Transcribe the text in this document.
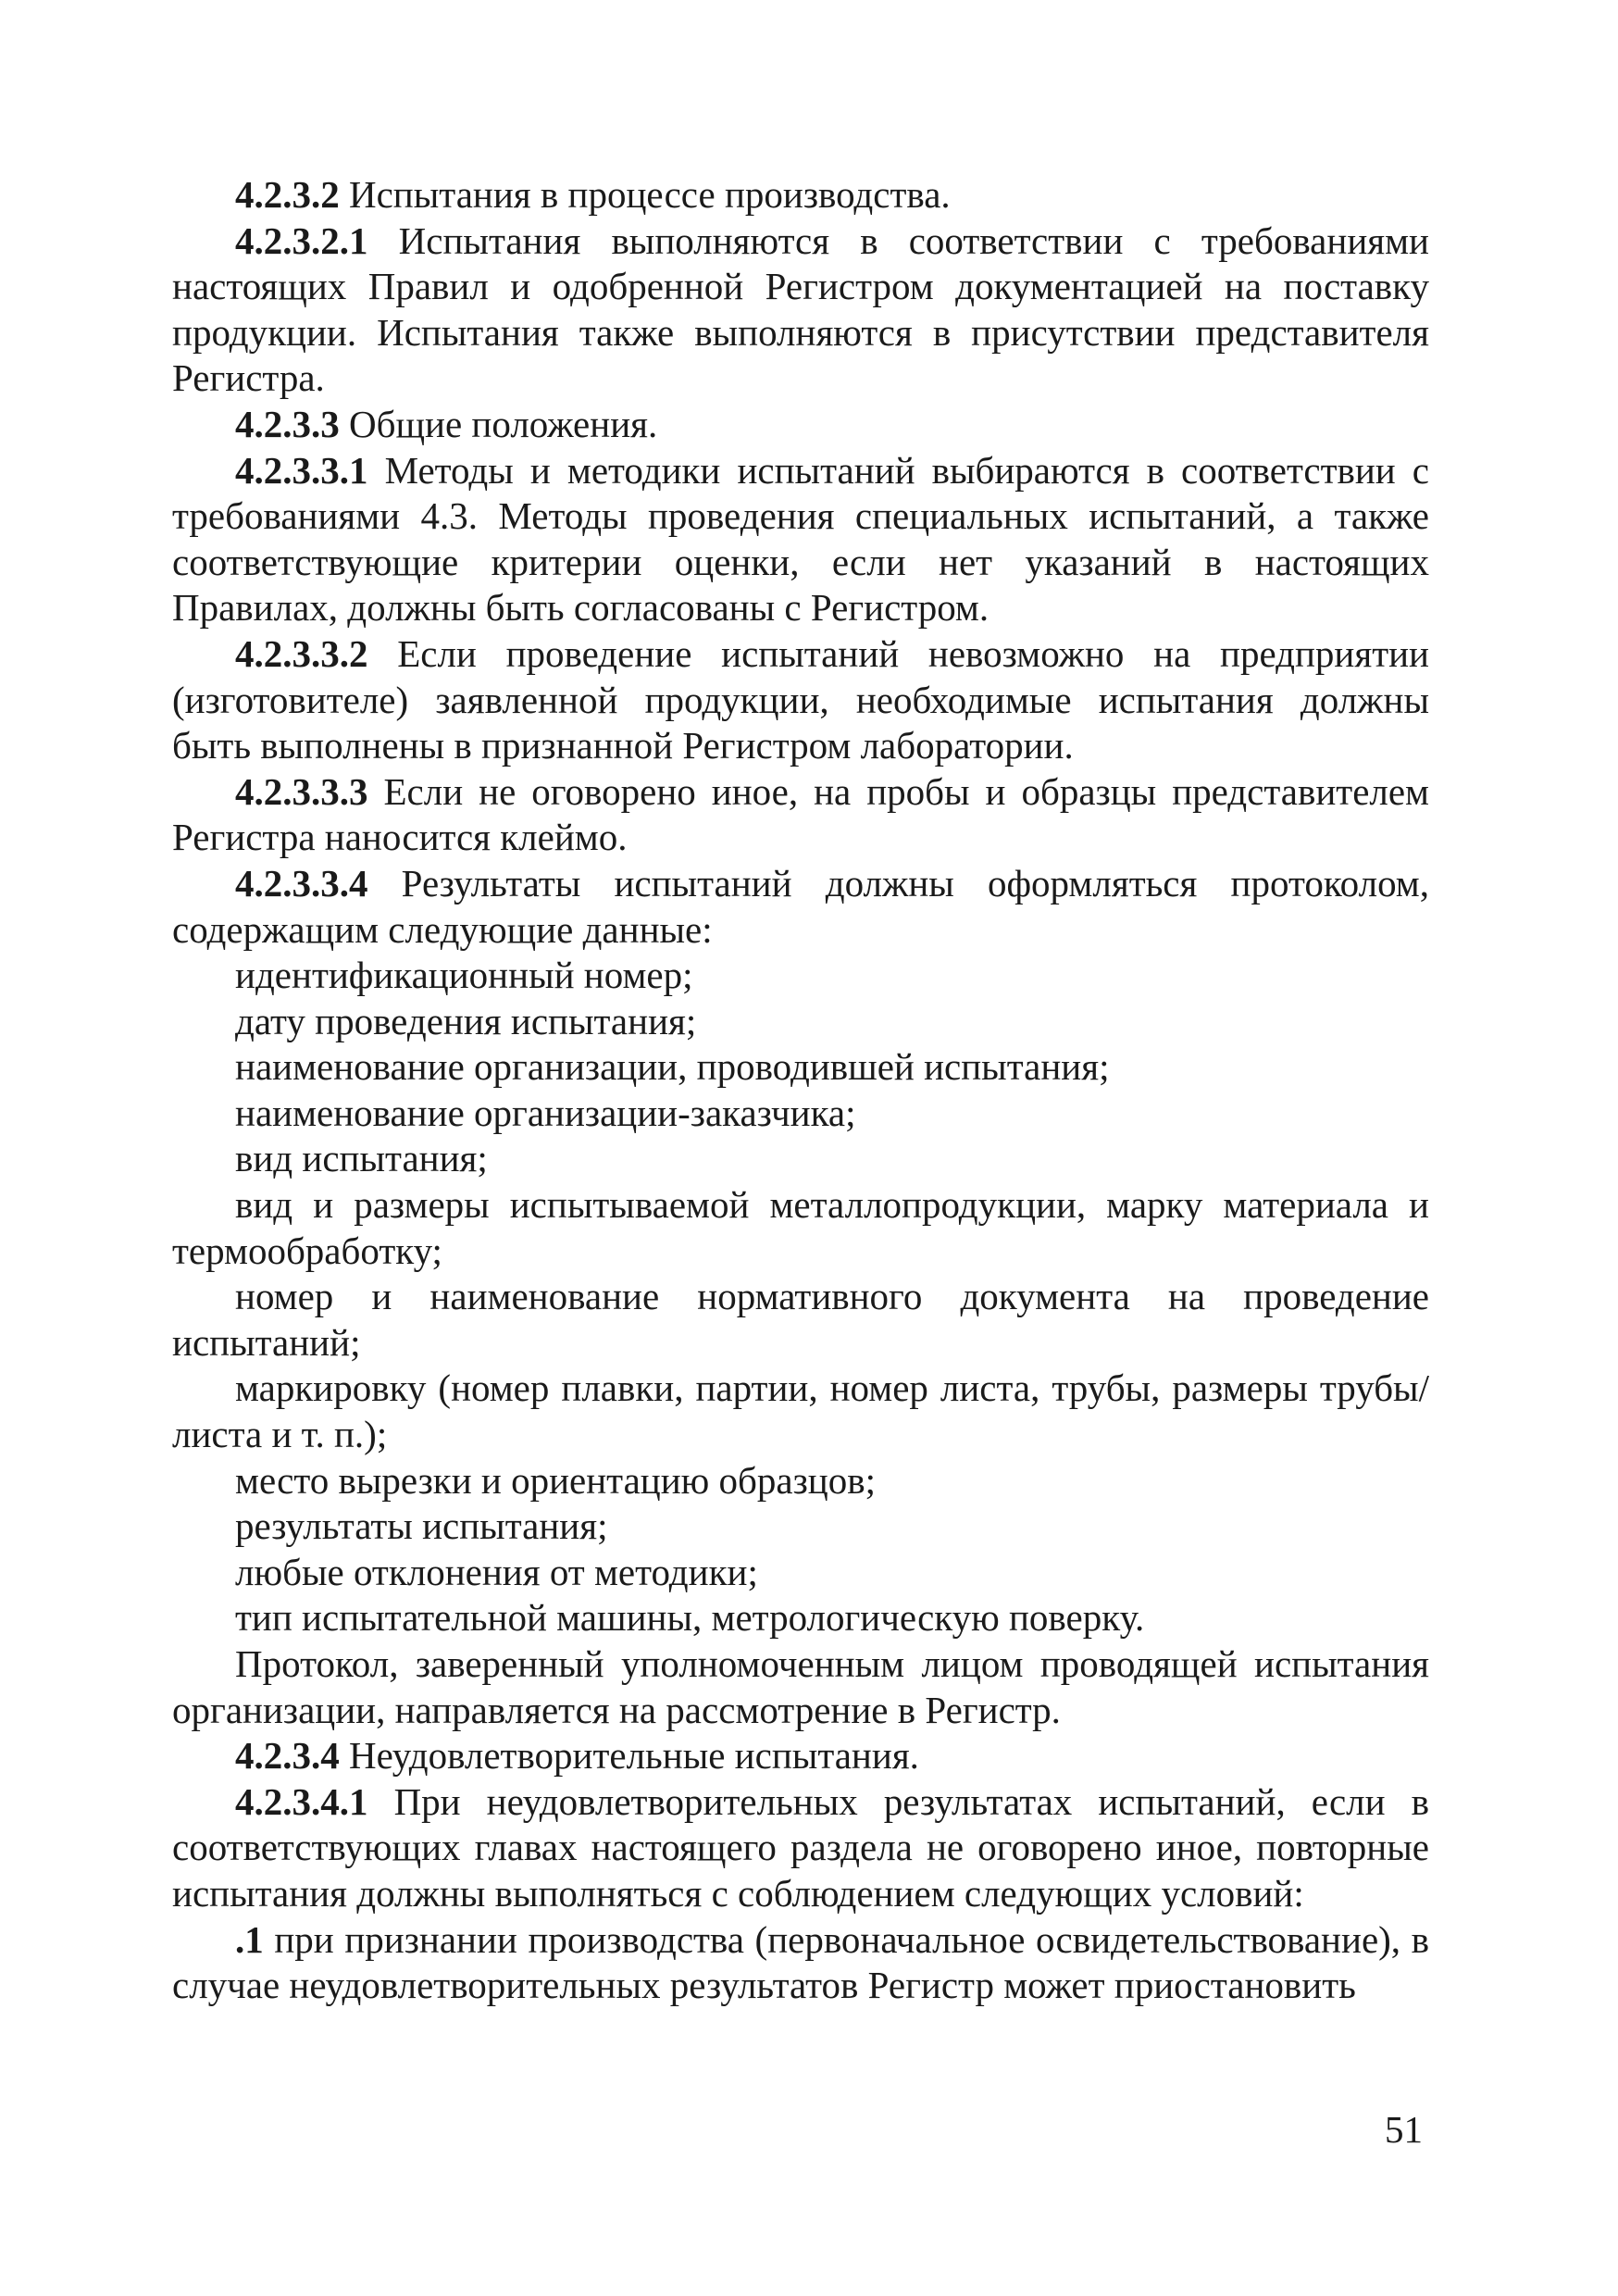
4.2.3.2 Испытания в процессе производства.

4.2.3.2.1 Испытания выполняются в соответствии с требованиями настоящих Правил и одобренной Регистром документацией на поставку продукции. Испытания также выполняются в присутствии представителя Регистра.

4.2.3.3 Общие положения.

4.2.3.3.1 Методы и методики испытаний выбираются в соответствии с требованиями 4.3. Методы проведения специальных испытаний, а также соответствующие критерии оценки, если нет указаний в настоящих Правилах, должны быть согласованы с Регистром.

4.2.3.3.2 Если проведение испытаний невозможно на предприятии (изготовителе) заявленной продукции, необходимые испытания должны быть выполнены в признанной Регистром лаборатории.

4.2.3.3.3 Если не оговорено иное, на пробы и образцы представителем Регистра наносится клеймо.

4.2.3.3.4 Результаты испытаний должны оформляться протоколом, содержащим следующие данные:

идентификационный номер;

дату проведения испытания;

наименование организации, проводившей испытания;

наименование организации-заказчика;

вид испытания;

вид и размеры испытываемой металлопродукции, марку материала и термообработку;

номер и наименование нормативного документа на проведение испытаний;

маркировку (номер плавки, партии, номер листа, трубы, размеры трубы/листа и т. п.);

место вырезки и ориентацию образцов;

результаты испытания;

любые отклонения от методики;

тип испытательной машины, метрологическую поверку.

Протокол, заверенный уполномоченным лицом проводящей испытания организации, направляется на рассмотрение в Регистр.

4.2.3.4 Неудовлетворительные испытания.

4.2.3.4.1 При неудовлетворительных результатах испытаний, если в соответствующих главах настоящего раздела не оговорено иное, повторные испытания должны выполняться с соблюдением следующих условий:

.1 при признании производства (первоначальное освидетельствование), в случае неудовлетворительных результатов Регистр может приостановить

51
